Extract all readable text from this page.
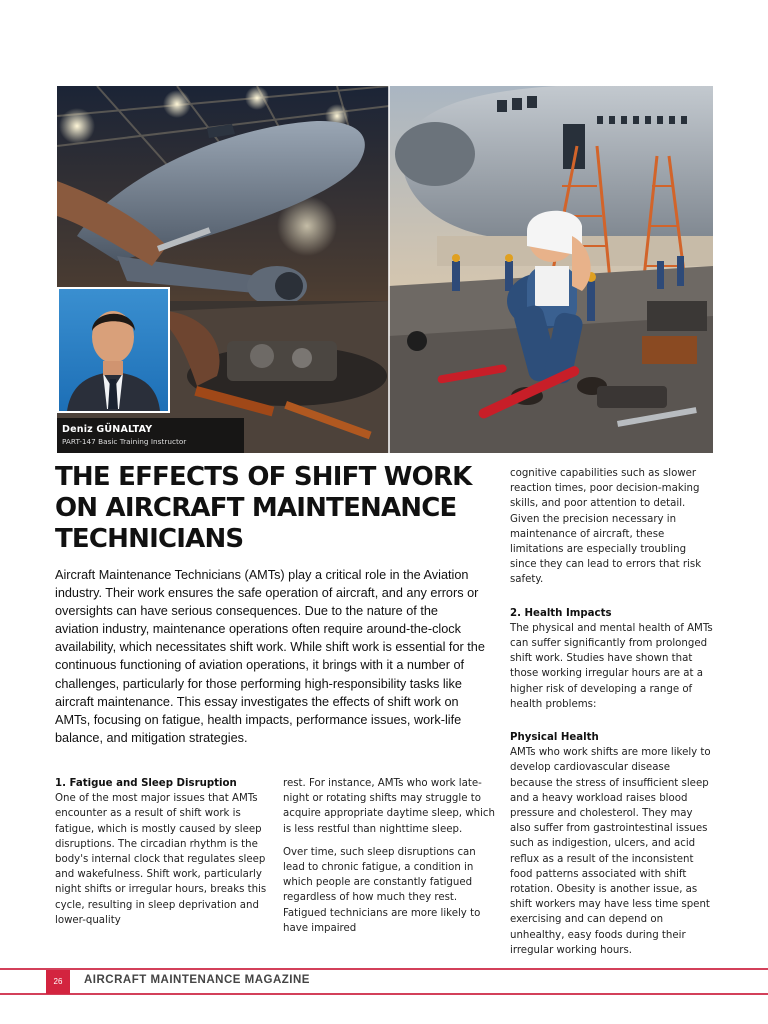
Deniz GÜNALTAY
PART-147 Basic Training Instructor
THE EFFECTS OF SHIFT WORK ON AIRCRAFT MAINTENANCE TECHNICIANS

Aircraft Maintenance Technicians (AMTs) play a critical role in the Aviation industry. Their work ensures the safe operation of aircraft, and any errors or oversights can have serious consequences. Due to the nature of the aviation industry, maintenance operations often require around-the-clock availability, which necessitates shift work. While shift work is essential for the continuous functioning of aviation operations, it brings with it a number of challenges, particularly for those performing high-responsibility tasks like aircraft maintenance. This essay investigates the effects of shift work on AMTs, focusing on fatigue, health impacts, performance issues, work-life balance, and mitigation strategies.

1. Fatigue and Sleep Disruption

One of the most major issues that AMTs encounter as a result of shift work is fatigue, which is mostly caused by sleep disruptions. The circadian rhythm is the body's internal clock that regulates sleep and wakefulness. Shift work, particularly night shifts or irregular hours, breaks this cycle, resulting in sleep deprivation and lower-quality

rest. For instance, AMTs who work late-night or rotating shifts may struggle to acquire appropriate daytime sleep, which is less restful than nighttime sleep.

Over time, such sleep disruptions can lead to chronic fatigue, a condition in which people are constantly fatigued regardless of how much they rest. Fatigued technicians are more likely to have impaired

cognitive capabilities such as slower reaction times, poor decision-making skills, and poor attention to detail. Given the precision necessary in maintenance of aircraft, these limitations are especially troubling since they can lead to errors that risk safety.

2. Health Impacts

The physical and mental health of AMTs can suffer significantly from prolonged shift work. Studies have shown that those working irregular hours are at a higher risk of developing a range of health problems:

Physical Health

AMTs who work shifts are more likely to develop cardiovascular disease because the stress of insufficient sleep and a heavy workload raises blood pressure and cholesterol. They may also suffer from gastrointestinal issues such as indigestion, ulcers, and acid reflux as a result of the inconsistent food patterns associated with shift rotation. Obesity is another issue, as shift workers may have less time spent exercising and can depend on unhealthy, easy foods during their irregular working hours.

26	AIRCRAFT MAINTENANCE MAGAZINE
